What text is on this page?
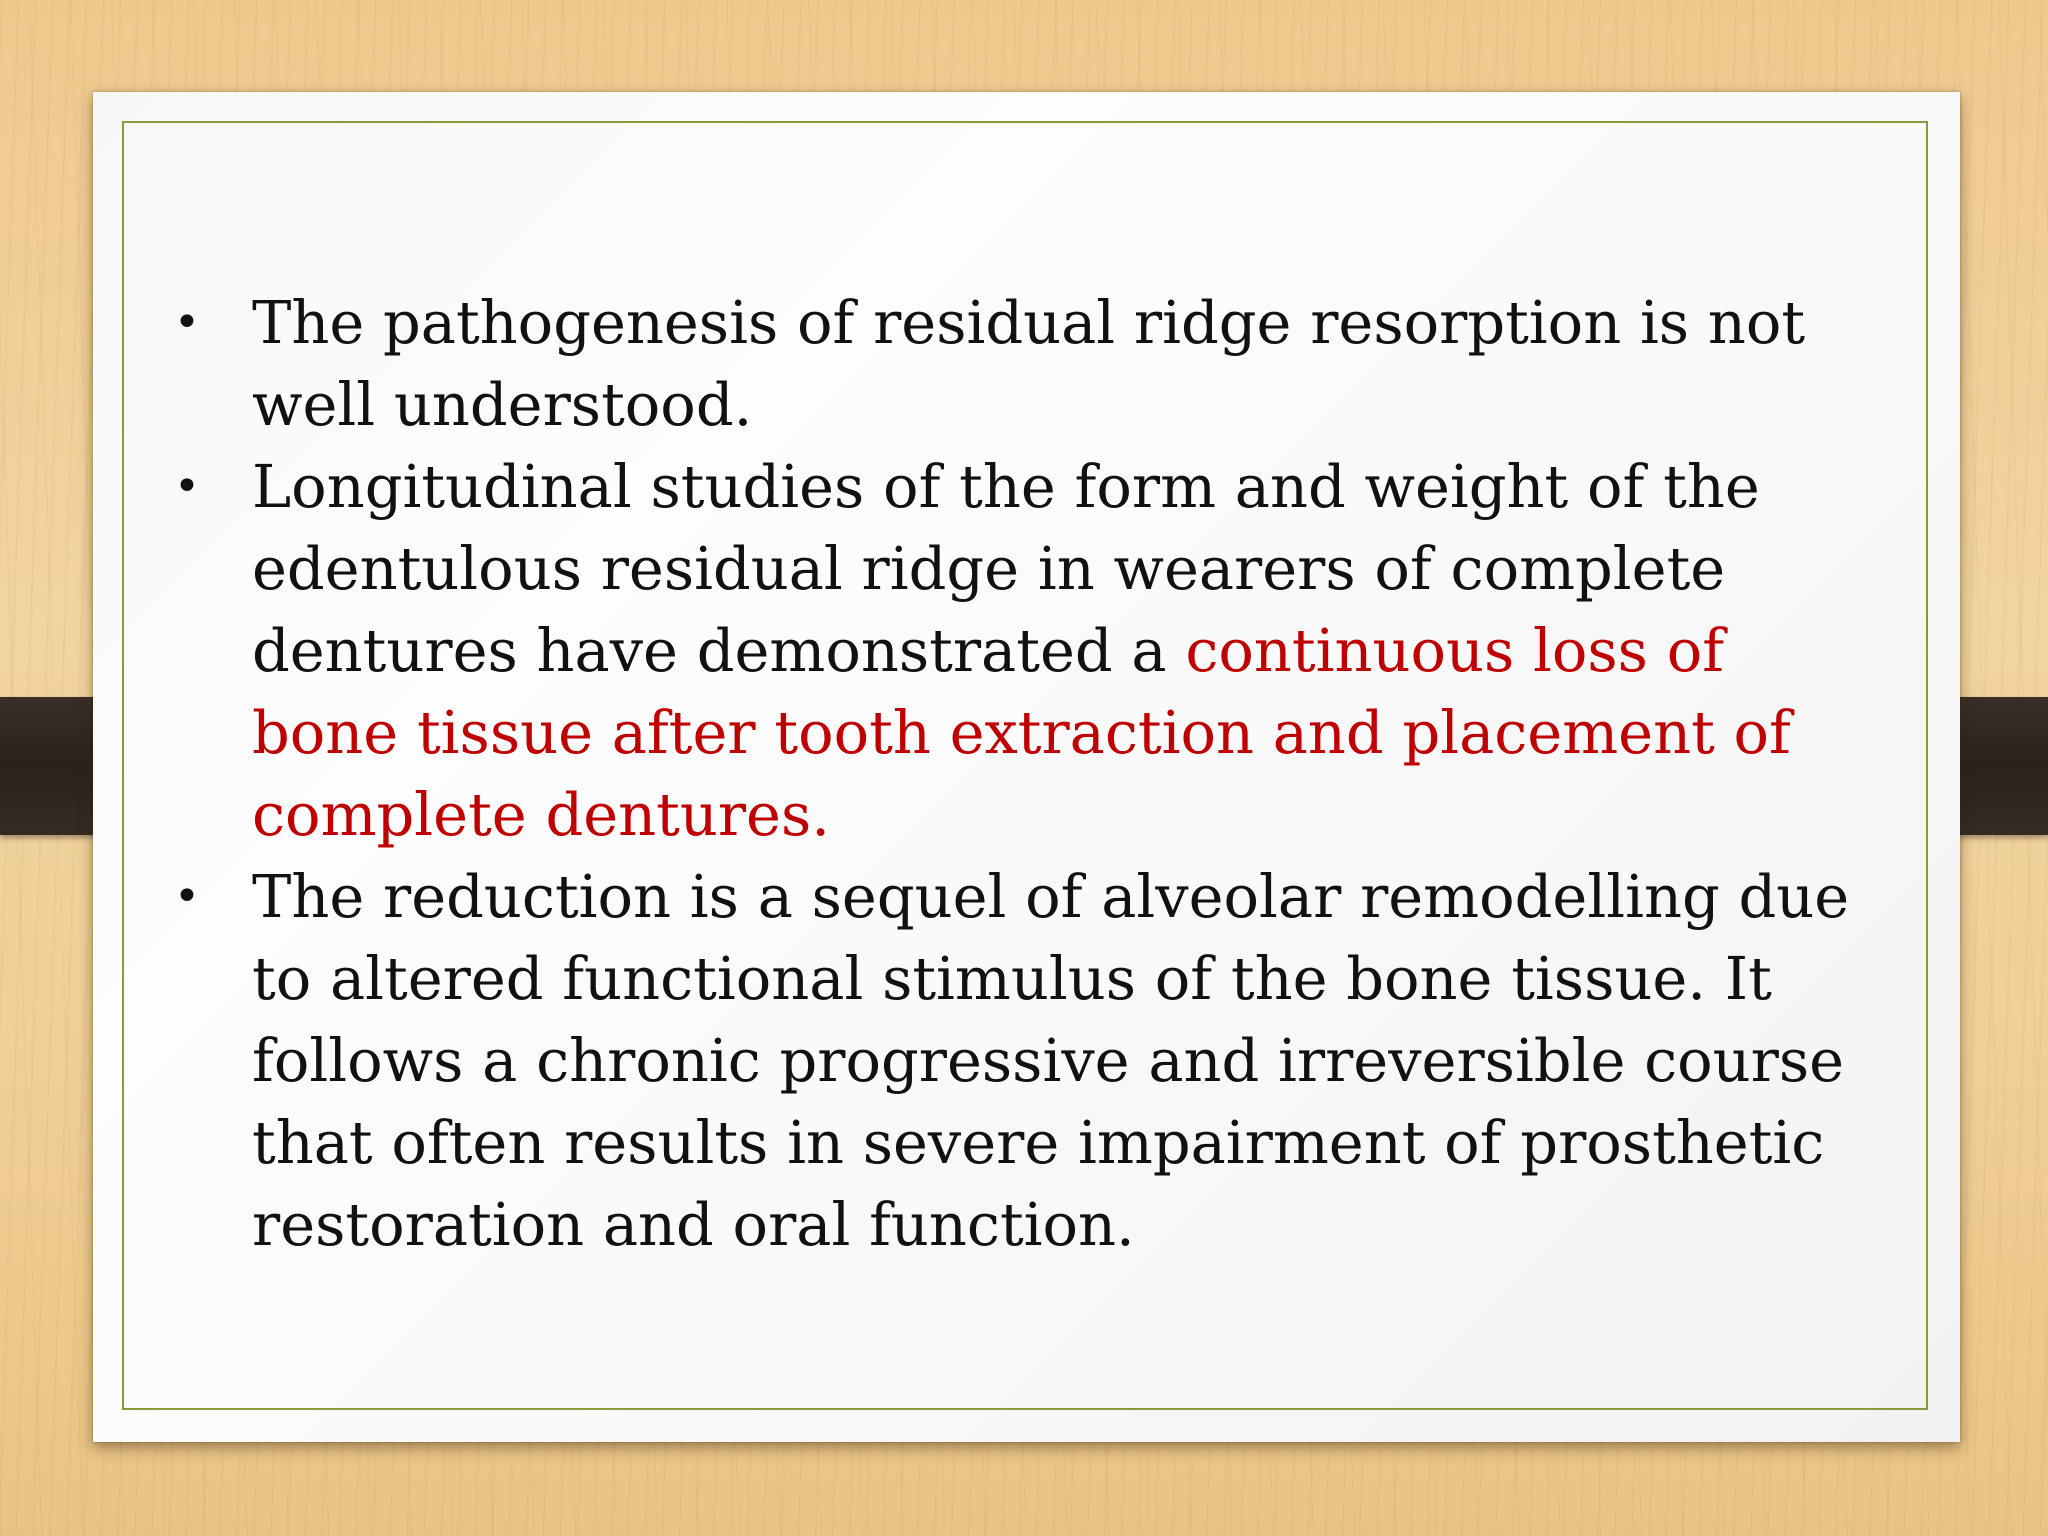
• The pathogenesis of residual ridge resorption is not well understood.
• Longitudinal studies of the form and weight of the edentulous residual ridge in wearers of complete dentures have demonstrated a continuous loss of bone tissue after tooth extraction and placement of complete dentures.
• The reduction is a sequel of alveolar remodelling due to altered functional stimulus of the bone tissue. It follows a chronic progressive and irreversible course that often results in severe impairment of prosthetic restoration and oral function.
